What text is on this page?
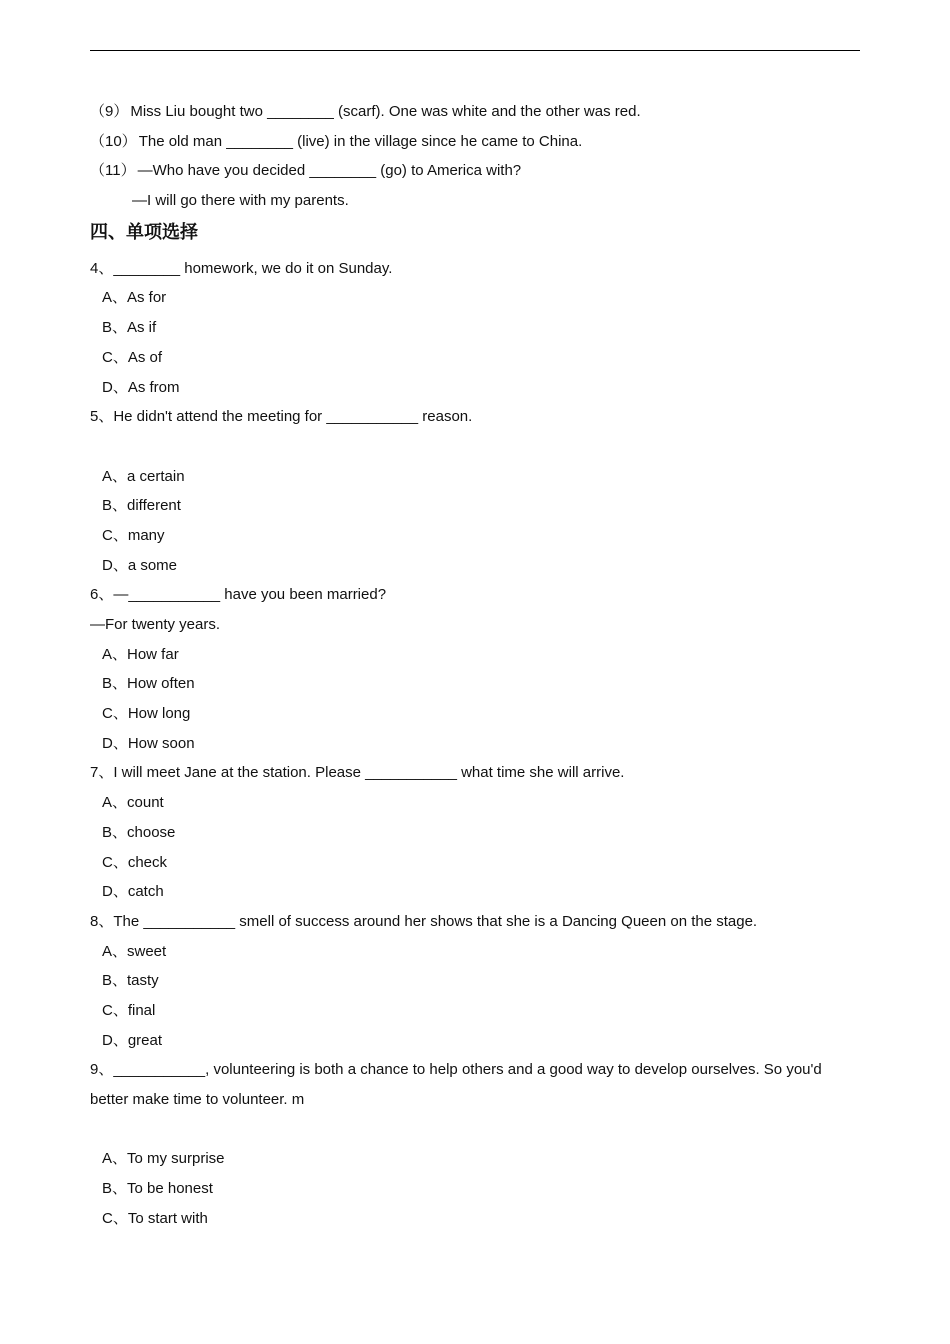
（9） Miss Liu bought two ________ (scarf). One was white and the other was red.
（10） The old man ________ (live) in the village since he came to China.
（11） —Who have you decided ________ (go) to America with?
—I will go there with my parents.
四、单项选择
4、________ homework, we do it on Sunday.
A、As for
B、As if
C、As of
D、As from
5、He didn't attend the meeting for ___________ reason.
A、a certain
B、different
C、many
D、a some
6、—___________ have you been married?
—For twenty years.
A、How far
B、How often
C、How long
D、How soon
7、I will meet Jane at the station. Please ___________ what time she will arrive.
A、count
B、choose
C、check
D、catch
8、The ___________ smell of success around her shows that she is a Dancing Queen on the stage.
A、sweet
B、tasty
C、final
D、great
9、___________, volunteering is both a chance to help others and a good way to develop ourselves. So you'd better make time to volunteer. m
A、To my surprise
B、To be honest
C、To start with
